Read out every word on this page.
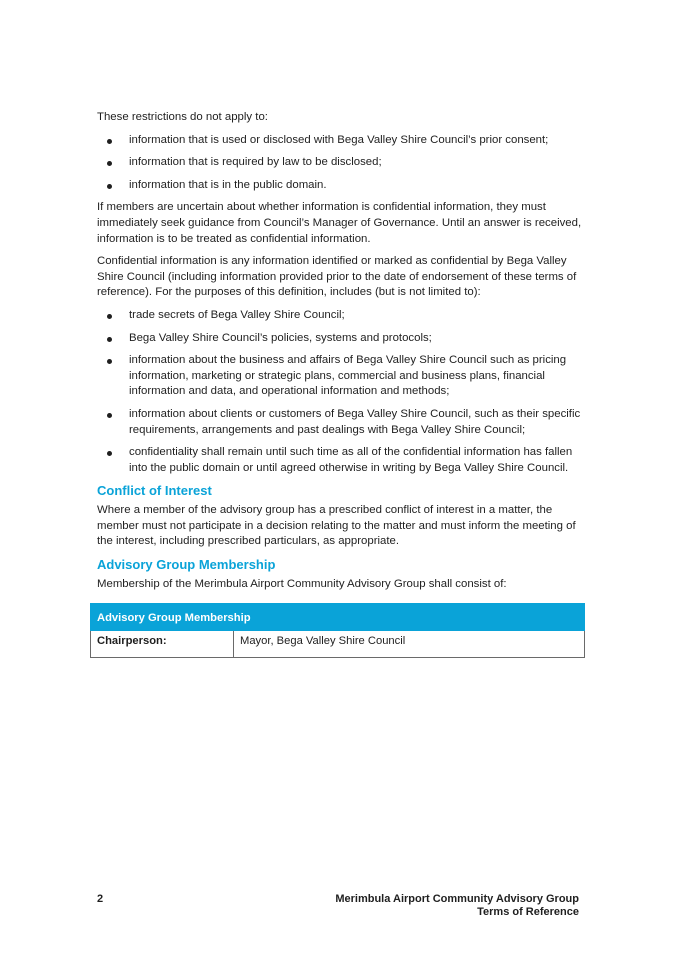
These restrictions do not apply to:

information that is used or disclosed with Bega Valley Shire Council’s prior consent;
information that is required by law to be disclosed;
information that is in the public domain.

If members are uncertain about whether information is confidential information, they must immediately seek guidance from Council’s Manager of Governance. Until an answer is received, information is to be treated as confidential information.

Confidential information is any information identified or marked as confidential by Bega Valley Shire Council (including information provided prior to the date of endorsement of these terms of reference). For the purposes of this definition, includes (but is not limited to):

trade secrets of Bega Valley Shire Council;
Bega Valley Shire Council’s policies, systems and protocols;
information about the business and affairs of Bega Valley Shire Council such as pricing information, marketing or strategic plans, commercial and business plans, financial information and data, and operational information and methods;
information about clients or customers of Bega Valley Shire Council, such as their specific requirements, arrangements and past dealings with Bega Valley Shire Council;
confidentiality shall remain until such time as all of the confidential information has fallen into the public domain or until agreed otherwise in writing by Bega Valley Shire Council.
Conflict of Interest

Where a member of the advisory group has a prescribed conflict of interest in a matter, the member must not participate in a decision relating to the matter and must inform the meeting of the interest, including prescribed particulars, as appropriate.

Advisory Group Membership

Membership of the Merimbula Airport Community Advisory Group shall consist of:

Advisory Group Membership
Chairperson:	Mayor, Bega Valley Shire Council
2	Merimbula Airport Community Advisory Group
Terms of Reference
